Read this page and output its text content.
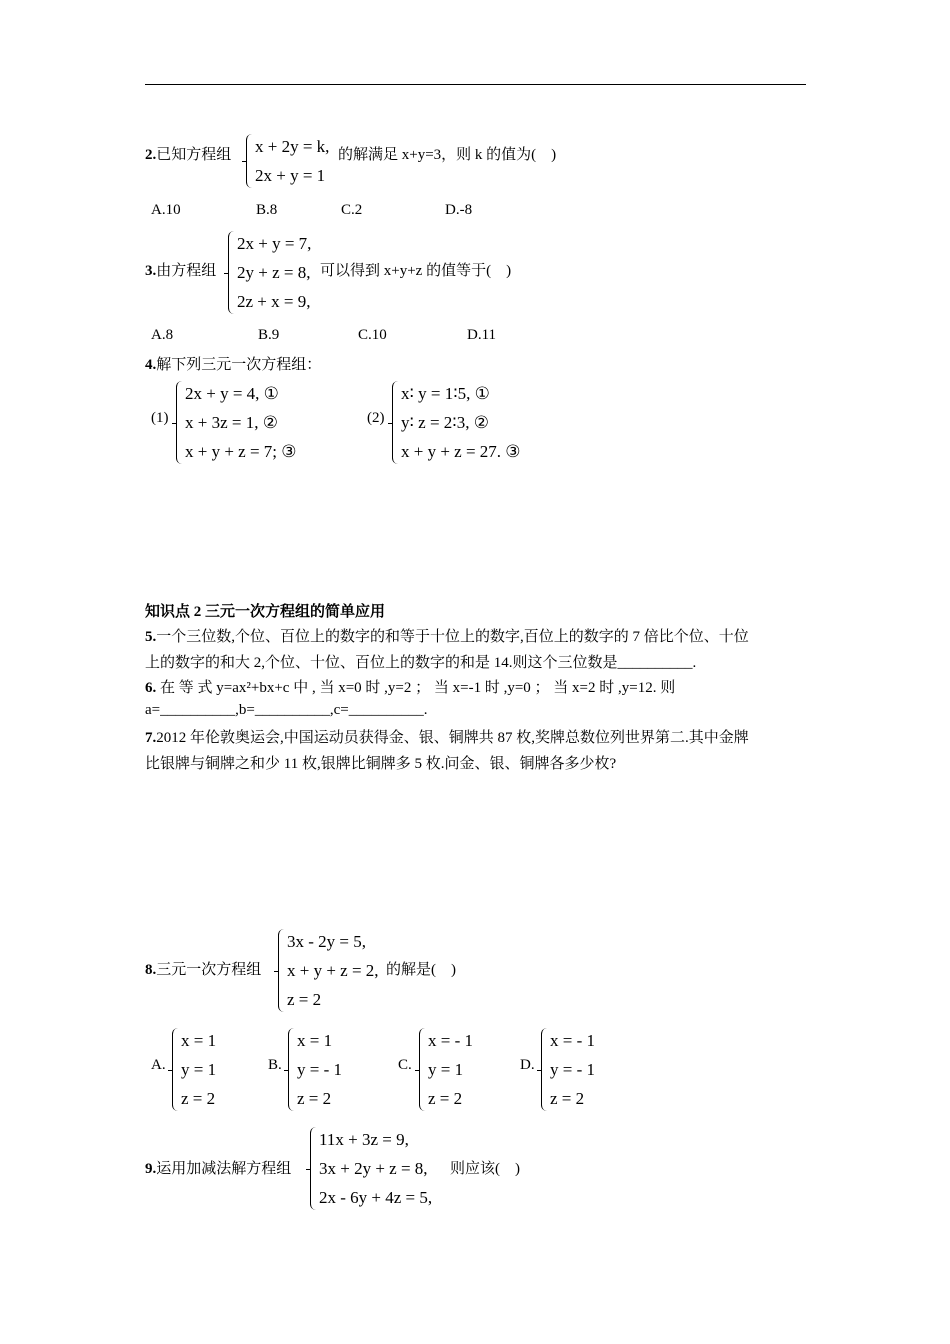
2.已知方程组 x + 2y = k,
2x + y = 1
的解满足 x+y=3，则 k 的值为(　)
A.10	B.8	C.2	D.-8
3.由方程组
2x + y = 7,
2y + z = 8,
2z + x = 9,
可以得到 x+y+z 的值等于(　)
A.8	B.9	C.10	D.11
4.解下列三元一次方程组：
(1)
2x + y = 4, ①
x + 3z = 1, ②
x + y + z = 7; ③
(2)
x∶ y = 1∶5, ①
y∶ z = 2∶3, ②
x + y + z = 27. ③
知识点 2 三元一次方程组的简单应用
5.一个三位数,个位、百位上的数字的和等于十位上的数字,百位上的数字的 7 倍比个位、十位
上的数字的和大 2,个位、十位、百位上的数字的和是 14.则这个三位数是__________.
6. 在 等 式 y=ax²+bx+c 中 , 当 x=0 时 ,y=2 ； 当 x=-1 时 ,y=0 ； 当 x=2 时 ,y=12. 则
a=__________,b=__________,c=__________.
7.2012 年伦敦奥运会,中国运动员获得金、银、铜牌共 87 枚,奖牌总数位列世界第二.其中金牌
比银牌与铜牌之和少 11 枚,银牌比铜牌多 5 枚.问金、银、铜牌各多少枚?
8.三元一次方程组
3x - 2y = 5,
x + y + z = 2,
z = 2
的解是(　)
A.
x = 1
y = 1
z = 2
B.
x = 1
y = - 1
z = 2
C.
x = - 1
y = 1
z = 2
D.
x = - 1
y = - 1
z = 2
9.运用加减法解方程组
11x + 3z = 9,
3x + 2y + z = 8,
2x - 6y + 4z = 5,
则应该(　)
